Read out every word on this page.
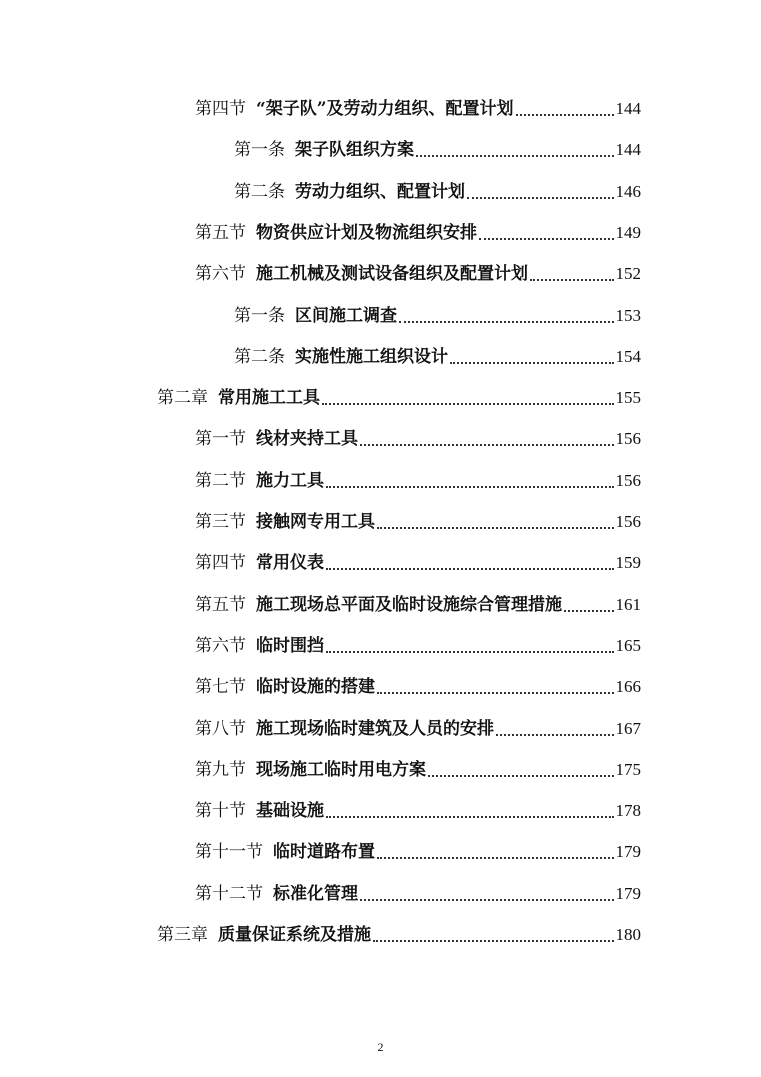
第四节 “架子队”及劳动力组织、配置计划	144
第一条 架子队组织方案	144
第二条 劳动力组织、配置计划	146
第五节 物资供应计划及物流组织安排	149
第六节 施工机械及测试设备组织及配置计划	152
第一条 区间施工调查	153
第二条 实施性施工组织设计	154
第二章 常用施工工具	155
第一节 线材夹持工具	156
第二节 施力工具	156
第三节 接触网专用工具	156
第四节 常用仪表	159
第五节 施工现场总平面及临时设施综合管理措施	161
第六节 临时围挡	165
第七节 临时设施的搭建	166
第八节 施工现场临时建筑及人员的安排	167
第九节 现场施工临时用电方案	175
第十节 基础设施	178
第十一节 临时道路布置	179
第十二节 标准化管理	179
第三章 质量保证系统及措施	180
2
